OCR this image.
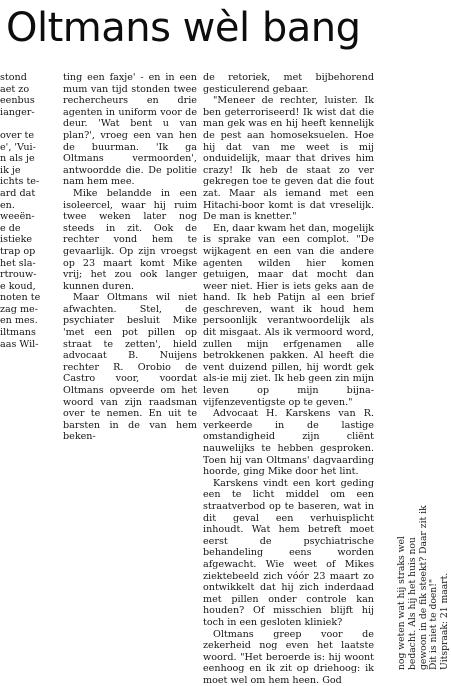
Oltmans wèl bang
stond
aet zo
eenbus
ianger-

over te
e', 'Vui-
n als je
ik je
ichts te-
ard dat
en.
weeën-
e de
istieke
trap op
het sla-
rtrouw-
e koud,
noten te
zag me-
en mes.
iltmans
aas Wil-

ting een faxje' - en in een mum van tijd stonden twee rechercheurs en drie agenten in uniform voor de deur. 'Wat bent u van plan?', vroeg een van hen de buurman. 'Ik ga Oltmans vermoorden', antwoordde die. De politie nam hem mee.

Mike belandde in een isoleercel, waar hij ruim twee weken later nog steeds in zit. Ook de rechter vond hem te gevaarlijk. Op zijn vroegst op 23 maart komt Mike vrij; het zou ook langer kunnen duren.

Maar Oltmans wil niet afwachten. Stel, de psychiater besluit Mike 'met een pot pillen op straat te zetten', hield advocaat B. Nuijens rechter R. Orobio de Castro voor, voordat Oltmans opveerde om het woord van zijn raadsman over te nemen. En uit te barsten in de van hem beken-

de retoriek, met bijbehorend gesticulerend gebaar.

"Meneer de rechter, luister. Ik ben geterroriseerd! Ik wist dat die man gek was en hij heeft kennelijk de pest aan homoseksuelen. Hoe hij dat van me weet is mij onduidelijk, maar that drives him crazy! Ik heb de staat zo ver gekregen toe te geven dat die fout zat. Maar als iemand met een Hitachi-boor komt is dat vreselijk. De man is knetter."

En, daar kwam het dan, mogelijk is sprake van een complot. "De wijkagent en een van die andere agenten wilden hier komen getuigen, maar dat mocht dan weer niet. Hier is iets geks aan de hand. Ik heb Patijn al een brief geschreven, want ik houd hem persoonlijk verantwoordelijk als dit misgaat. Als ik vermoord word, zullen mijn erfgenamen alle betrokkenen pakken. Al heeft die vent duizend pillen, hij wordt gek als-ie mij ziet. Ik heb geen zin mijn leven op mijn bijna-vijfenzeventigste op te geven."

Advocaat H. Karskens van R. verkeerde in de lastige omstandigheid zijn cliënt nauwelijks te hebben gesproken. Toen hij van Oltmans' dagvaarding hoorde, ging Mike door het lint.

Karskens vindt een kort geding een te licht middel om een straatverbod op te baseren, wat in dit geval een verhuisplicht inhoudt. Wat hem betreft moet eerst de psychiatrische behandeling eens worden afgewacht. Wie weet of Mikes ziektebeeld zich vóór 23 maart zo ontwikkelt dat hij zich inderdaad met pillen onder controle kan houden? Of misschien blijft hij toch in een gesloten kliniek?

Oltmans greep voor de zekerheid nog even het laatste woord. "Het beroerde is: hij woont eenhoog en ik zit op driehoog: ik moet wel om hem heen. God

nog weten wat hij straks wel bedacht. Als hij het huis nou gewoon in de fik steekt? Daar zit ik Dit is niet te doen!" Uitspraak: 21 maart.
